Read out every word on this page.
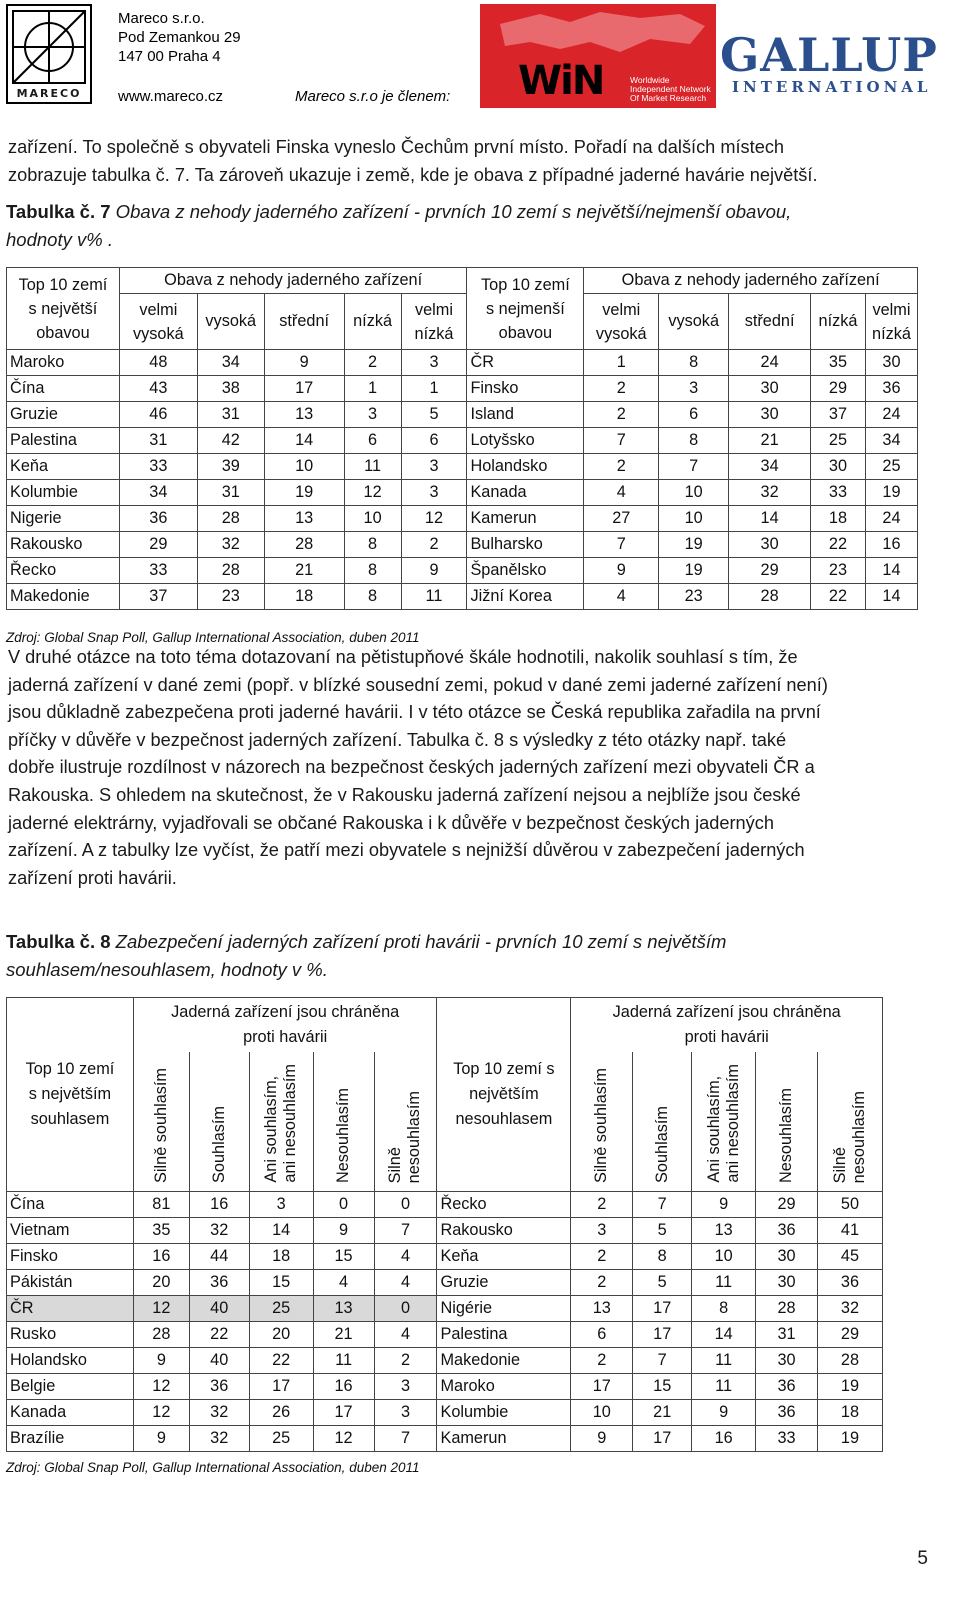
MARECO
Mareco s.r.o.
Pod Zemankou 29
147 00 Praha 4
www.mareco.cz	Mareco s.r.o je členem: WiN	Worldwide Independent Network Of Market Research
GALLUP
INTERNATIONAL
zařízení. To společně s obyvateli Finska vyneslo Čechům první místo. Pořadí na dalších místech
zobrazuje tabulka č. 7. Ta zároveň ukazuje i země, kde je obava z případné jaderné havárie největší.
Tabulka č. 7 Obava z nehody jaderného zařízení - prvních 10 zemí s největší/nejmenší obavou,
hodnoty v% .
Top 10 zemí
s největší
obavou	Obava z nehody jaderného zařízení					Top 10 zemí
s nejmenší
obavou	Obava z nehody jaderného zařízení				
	velmi
vysoká	vysoká	střední	nízká	velmi
nízká		velmi
vysoká	vysoká	střední	nízká	velmi
nízká
Maroko	48	34	9	2	3	ČR	1	8	24	35	30
Čína	43	38	17	1	1	Finsko	2	3	30	29	36
Gruzie	46	31	13	3	5	Island	2	6	30	37	24
Palestina	31	42	14	6	6	Lotyšsko	7	8	21	25	34
Keňa	33	39	10	11	3	Holandsko	2	7	34	30	25
Kolumbie	34	31	19	12	3	Kanada	4	10	32	33	19
Nigerie	36	28	13	10	12	Kamerun	27	10	14	18	24
Rakousko	29	32	28	8	2	Bulharsko	7	19	30	22	16
Řecko	33	28	21	8	9	Španělsko	9	19	29	23	14
Makedonie	37	23	18	8	11	Jižní Korea	4	23	28	22	14
Zdroj: Global Snap Poll, Gallup International Association, duben 2011
V druhé otázce na toto téma dotazovaní na pětistupňové škále hodnotili, nakolik souhlasí s tím, že
jaderná zařízení v dané zemi (popř. v blízké sousední zemi, pokud v dané zemi jaderné zařízení není)
jsou důkladně zabezpečena proti jaderné havárii. I v této otázce se Česká republika zařadila na první
příčky v důvěře v bezpečnost jaderných zařízení. Tabulka č. 8 s výsledky z této otázky např. také
dobře ilustruje rozdílnost v názorech na bezpečnost českých jaderných zařízení mezi obyvateli ČR a
Rakouska. S ohledem na skutečnost, že v Rakousku jaderná zařízení nejsou a nejblíže jsou české
jaderné elektrárny, vyjadřovali se občané Rakouska i k důvěře v bezpečnost českých jaderných
zařízení. A z tabulky lze vyčíst, že patří mezi obyvatele s nejnižší důvěrou v zabezpečení jaderných
zařízení proti havárii.
Tabulka č. 8 Zabezpečení jaderných zařízení proti havárii - prvních 10 zemí s největším
souhlasem/nesouhlasem, hodnoty v %.
Top 10 zemí
s největším
souhlasem	Jaderná zařízení jsou chráněna
proti havárii					Top 10 zemí s
největším
nesouhlasem	Jaderná zařízení jsou chráněna
proti havárii				
	Silně souhlasím	Souhlasím	Ani souhlasím,
ani nesouhlasím	Nesouhlasím	Silně
nesouhlasím		Silně souhlasím	Souhlasím	Ani souhlasím,
ani nesouhlasím	Nesouhlasím	Silně
nesouhlasím
Čína	81	16	3	0	0	Řecko	2	7	9	29	50
Vietnam	35	32	14	9	7	Rakousko	3	5	13	36	41
Finsko	16	44	18	15	4	Keňa	2	8	10	30	45
Pákistán	20	36	15	4	4	Gruzie	2	5	11	30	36
ČR	12	40	25	13	0	Nigérie	13	17	8	28	32
Rusko	28	22	20	21	4	Palestina	6	17	14	31	29
Holandsko	9	40	22	11	2	Makedonie	2	7	11	30	28
Belgie	12	36	17	16	3	Maroko	17	15	11	36	19
Kanada	12	32	26	17	3	Kolumbie	10	21	9	36	18
Brazílie	9	32	25	12	7	Kamerun	9	17	16	33	19
Zdroj: Global Snap Poll, Gallup International Association, duben 2011
5
